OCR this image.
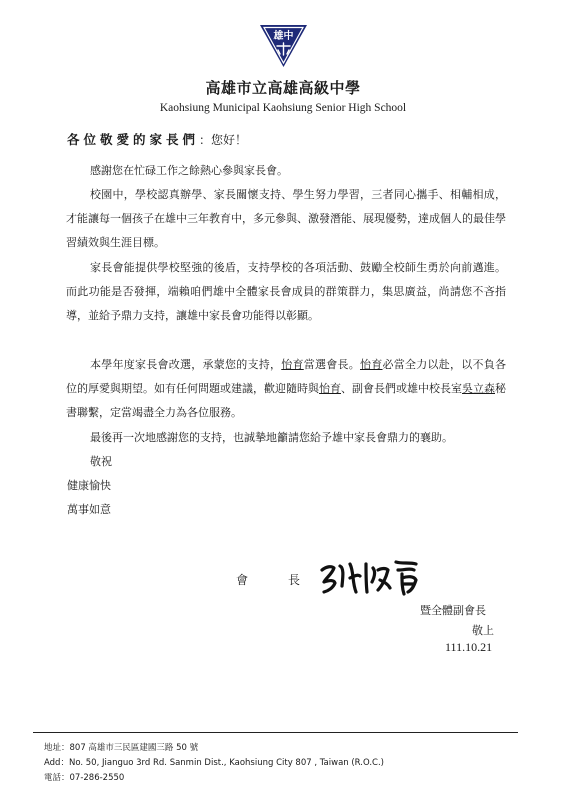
雄中
高雄市立高雄高級中學
Kaohsiung Municipal Kaohsiung Senior High School
各位敬愛的家長們：您好！

感謝您在忙碌工作之餘熱心參與家長會。

校園中，學校認真辦學、家長關懷支持、學生努力學習，三者同心攜手、相輔相成，才能讓每一個孩子在雄中三年教育中，多元參與、激發潛能、展現優勢，達成個人的最佳學習績效與生涯目標。

家長會能提供學校堅強的後盾，支持學校的各項活動、鼓勵全校師生勇於向前邁進。而此功能是否發揮，端賴咱們雄中全體家長會成員的群策群力，集思廣益，尚請您不吝指導，並給予鼎力支持，讓雄中家長會功能得以彰顯。

本學年度家長會改選，承蒙您的支持，怡育當選會長。怡育必當全力以赴，以不負各位的厚愛與期望。如有任何問題或建議，歡迎隨時與怡育、副會長們或雄中校長室吳立森秘書聯繫，定當竭盡全力為各位服務。

最後再一次地感謝您的支持，也誠摯地籲請您給予雄中家長會鼎力的襄助。

敬祝
健康愉快
萬事如意
會	長
暨全體副會長
敬上
111.10.21
地址：807 高雄市三民區建國三路 50 號
Add：No. 50, Jianguo 3rd Rd. Sanmin Dist., Kaohsiung City 807 , Taiwan (R.O.C.)
電話：07-286-2550
